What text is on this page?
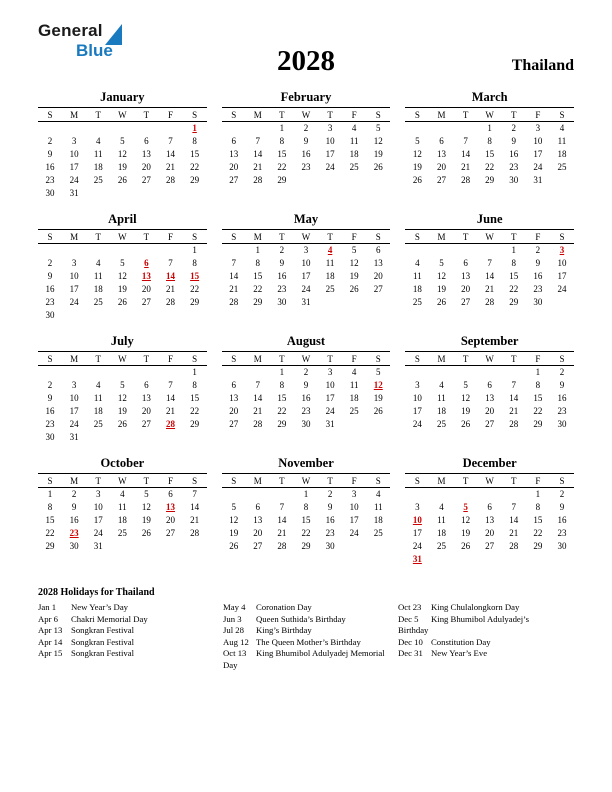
General
Blue	2028	Thailand
January
S	M	T	W	T	F	S
						1
2	3	4	5	6	7	8
9	10	11	12	13	14	15
16	17	18	19	20	21	22
23	24	25	26	27	28	29
30	31					
February
S	M	T	W	T	F	S
		1	2	3	4	5
6	7	8	9	10	11	12
13	14	15	16	17	18	19
20	21	22	23	24	25	26
27	28	29				
March
S	M	T	W	T	F	S
			1	2	3	4
5	6	7	8	9	10	11
12	13	14	15	16	17	18
19	20	21	22	23	24	25
26	27	28	29	30	31	
April
S	M	T	W	T	F	S
						1
2	3	4	5	6	7	8
9	10	11	12	13	14	15
16	17	18	19	20	21	22
23	24	25	26	27	28	29
30						
May
S	M	T	W	T	F	S
	1	2	3	4	5	6
7	8	9	10	11	12	13
14	15	16	17	18	19	20
21	22	23	24	25	26	27
28	29	30	31			
June
S	M	T	W	T	F	S
				1	2	3
4	5	6	7	8	9	10
11	12	13	14	15	16	17
18	19	20	21	22	23	24
25	26	27	28	29	30	
July
S	M	T	W	T	F	S
						1
2	3	4	5	6	7	8
9	10	11	12	13	14	15
16	17	18	19	20	21	22
23	24	25	26	27	28	29
30	31					
August
S	M	T	W	T	F	S
		1	2	3	4	5
6	7	8	9	10	11	12
13	14	15	16	17	18	19
20	21	22	23	24	25	26
27	28	29	30	31		
September
S	M	T	W	T	F	S
					1	2
3	4	5	6	7	8	9
10	11	12	13	14	15	16
17	18	19	20	21	22	23
24	25	26	27	28	29	30
October
S	M	T	W	T	F	S
1	2	3	4	5	6	7
8	9	10	11	12	13	14
15	16	17	18	19	20	21
22	23	24	25	26	27	28
29	30	31				
November
S	M	T	W	T	F	S
			1	2	3	4
5	6	7	8	9	10	11
12	13	14	15	16	17	18
19	20	21	22	23	24	25
26	27	28	29	30		
December
S	M	T	W	T	F	S
					1	2
3	4	5	6	7	8	9
10	11	12	13	14	15	16
17	18	19	20	21	22	23
24	25	26	27	28	29	30
31						
2028 Holidays for Thailand
Jan 1 New Year’s Day
Apr 6 Chakri Memorial Day
Apr 13 Songkran Festival
Apr 14 Songkran Festival
Apr 15 Songkran Festival
May 4 Coronation Day
Jun 3 Queen Suthida’s Birthday
Jul 28 King’s Birthday
Aug 12 The Queen Mother’s Birthday
Oct 13 King Bhumibol Adulyadej Memorial Day
Oct 23 King Chulalongkorn Day
Dec 5 King Bhumibol Adulyadej’s Birthday
Dec 10 Constitution Day
Dec 31 New Year’s Eve
